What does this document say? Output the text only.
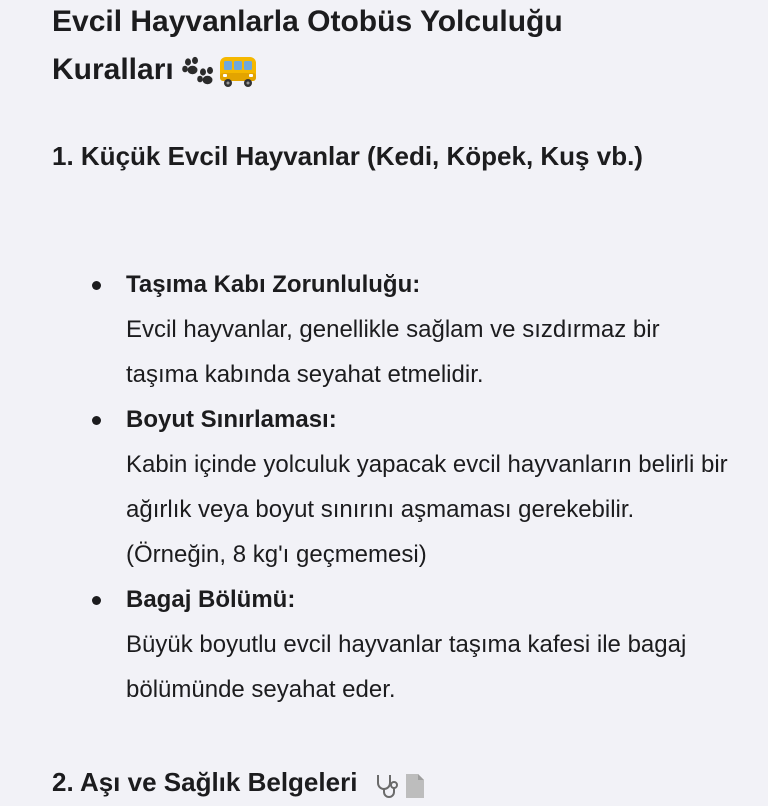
Evcil Hayvanlarla Otobüs Yolculuğu
Kuralları
1. Küçük Evcil Hayvanlar (Kedi, Köpek, Kuş vb.)
Taşıma Kabı Zorunluluğu:
Evcil hayvanlar, genellikle sağlam ve sızdırmaz bir taşıma kabında seyahat etmelidir.
Boyut Sınırlaması:
Kabin içinde yolculuk yapacak evcil hayvanların belirli bir ağırlık veya boyut sınırını aşmaması gerekebilir. (Örneğin, 8 kg'ı geçmemesi)
Bagaj Bölümü:
Büyük boyutlu evcil hayvanlar taşıma kafesi ile bagaj bölümünde seyahat eder.
2. Aşı ve Sağlık Belgeleri
